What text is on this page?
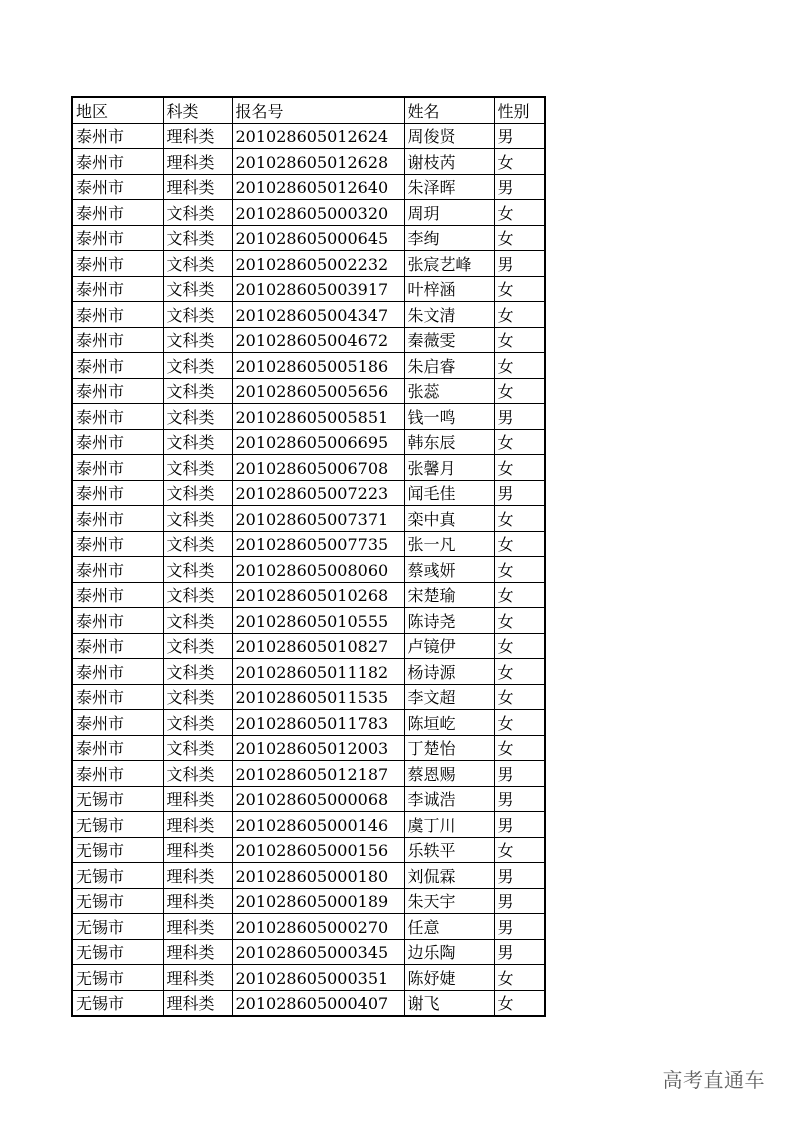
地区	科类	报名号	姓名	性别
泰州市	理科类	201028605012624	周俊贤	男
泰州市	理科类	201028605012628	谢枝芮	女
泰州市	理科类	201028605012640	朱泽晖	男
泰州市	文科类	201028605000320	周玥	女
泰州市	文科类	201028605000645	李绚	女
泰州市	文科类	201028605002232	张宸艺峰	男
泰州市	文科类	201028605003917	叶梓涵	女
泰州市	文科类	201028605004347	朱文清	女
泰州市	文科类	201028605004672	秦薇雯	女
泰州市	文科类	201028605005186	朱启睿	女
泰州市	文科类	201028605005656	张蕊	女
泰州市	文科类	201028605005851	钱一鸣	男
泰州市	文科类	201028605006695	韩东辰	女
泰州市	文科类	201028605006708	张馨月	女
泰州市	文科类	201028605007223	闻毛佳	男
泰州市	文科类	201028605007371	栾中真	女
泰州市	文科类	201028605007735	张一凡	女
泰州市	文科类	201028605008060	蔡彧妍	女
泰州市	文科类	201028605010268	宋楚瑜	女
泰州市	文科类	201028605010555	陈诗尧	女
泰州市	文科类	201028605010827	卢镜伊	女
泰州市	文科类	201028605011182	杨诗源	女
泰州市	文科类	201028605011535	李文超	女
泰州市	文科类	201028605011783	陈垣屹	女
泰州市	文科类	201028605012003	丁楚怡	女
泰州市	文科类	201028605012187	蔡恩赐	男
无锡市	理科类	201028605000068	李诚浩	男
无锡市	理科类	201028605000146	虞丁川	男
无锡市	理科类	201028605000156	乐轶平	女
无锡市	理科类	201028605000180	刘侃霖	男
无锡市	理科类	201028605000189	朱天宇	男
无锡市	理科类	201028605000270	任意	男
无锡市	理科类	201028605000345	边乐陶	男
无锡市	理科类	201028605000351	陈妤婕	女
无锡市	理科类	201028605000407	谢飞	女
高考直通车
